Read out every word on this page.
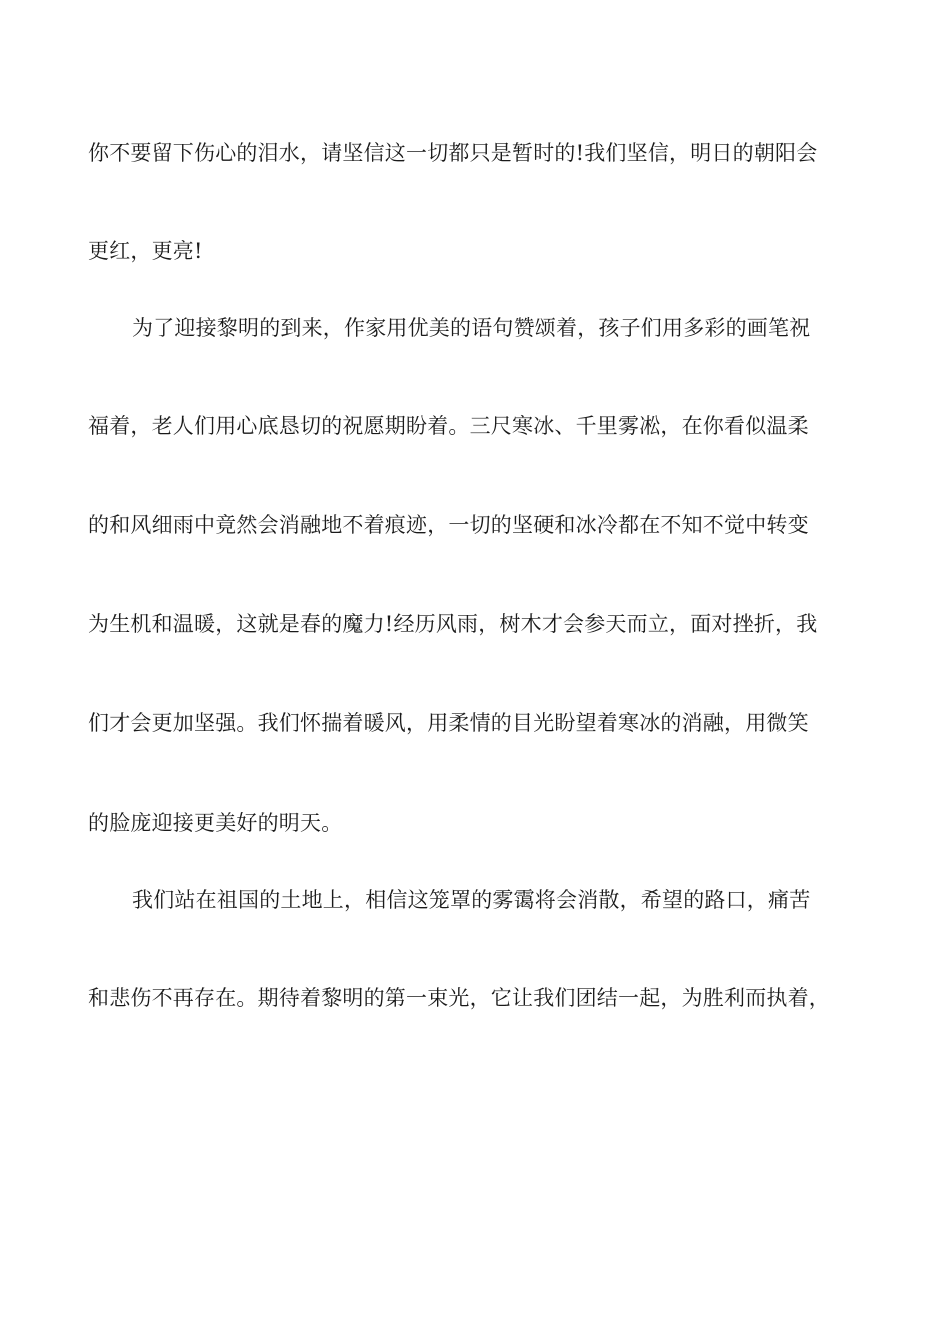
你不要留下伤心的泪水，请坚信这一切都只是暂时的!我们坚信，明日的朝阳会
更红，更亮!
为了迎接黎明的到来，作家用优美的语句赞颂着，孩子们用多彩的画笔祝
福着，老人们用心底恳切的祝愿期盼着。三尺寒冰、千里雾凇，在你看似温柔
的和风细雨中竟然会消融地不着痕迹，一切的坚硬和冰冷都在不知不觉中转变
为生机和温暖，这就是春的魔力!经历风雨，树木才会参天而立，面对挫折，我
们才会更加坚强。我们怀揣着暖风，用柔情的目光盼望着寒冰的消融，用微笑
的脸庞迎接更美好的明天。
我们站在祖国的土地上，相信这笼罩的雾霭将会消散，希望的路口，痛苦
和悲伤不再存在。期待着黎明的第一束光，它让我们团结一起，为胜利而执着，
